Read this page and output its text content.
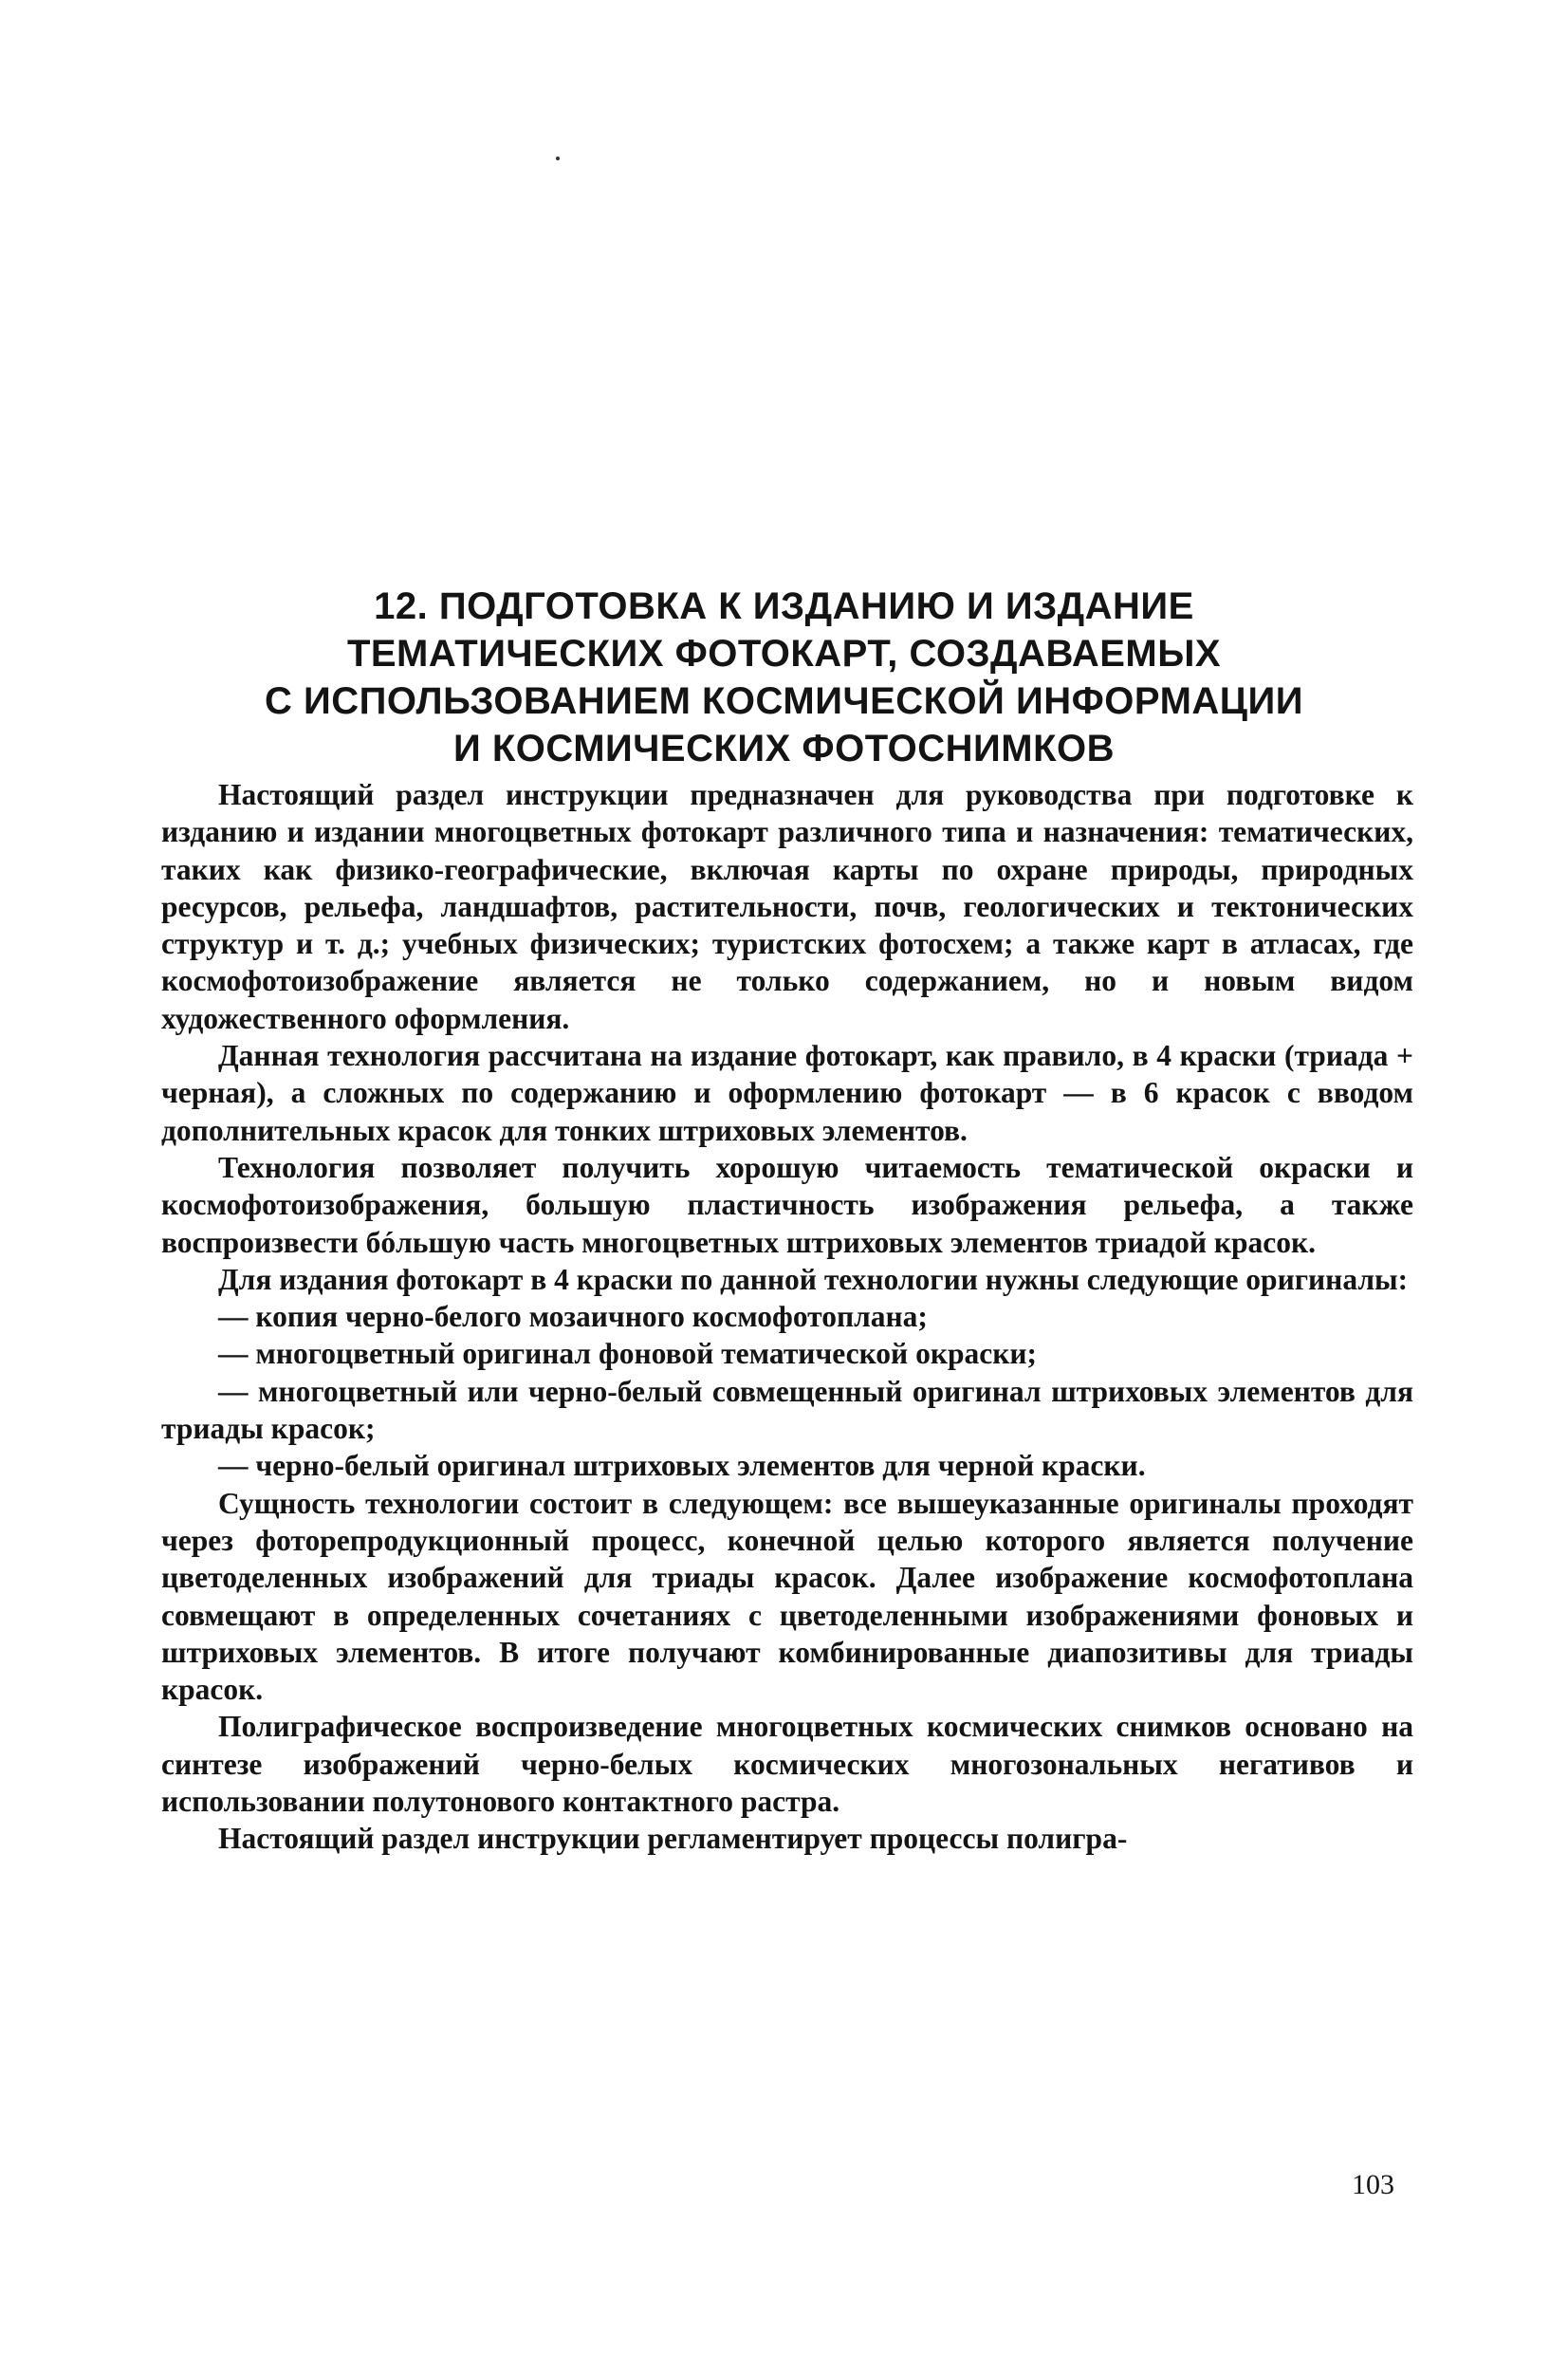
12. ПОДГОТОВКА К ИЗДАНИЮ И ИЗДАНИЕ
ТЕМАТИЧЕСКИХ ФОТОКАРТ, СОЗДАВАЕМЫХ
С ИСПОЛЬЗОВАНИЕМ КОСМИЧЕСКОЙ ИНФОРМАЦИИ
И КОСМИЧЕСКИХ ФОТОСНИМКОВ

Настоящий раздел инструкции предназначен для руководства при подготовке к изданию и издании многоцветных фотокарт различного типа и назначения: тематических, таких как физико-географические, включая карты по охране природы, природных ресурсов, рельефа, ландшафтов, растительности, почв, геологических и тектонических структур и т. д.; учебных физических; туристских фотосхем; а также карт в атласах, где космофотоизображение является не только содержанием, но и новым видом художественного оформления.

Данная технология рассчитана на издание фотокарт, как правило, в 4 краски (триада + черная), а сложных по содержанию и оформлению фотокарт — в 6 красок с вводом дополнительных красок для тонких штриховых элементов.

Технология позволяет получить хорошую читаемость тематической окраски и космофотоизображения, большую пластичность изображения рельефа, а также воспроизвести бóльшую часть многоцветных штриховых элементов триадой красок.

Для издания фотокарт в 4 краски по данной технологии нужны следующие оригиналы:

— копия черно-белого мозаичного космофотоплана;

— многоцветный оригинал фоновой тематической окраски;

— многоцветный или черно-белый совмещенный оригинал штриховых элементов для триады красок;

— черно-белый оригинал штриховых элементов для черной краски.

Сущность технологии состоит в следующем: все вышеуказанные оригиналы проходят через фоторепродукционный процесс, конечной целью которого является получение цветоделенных изображений для триады красок. Далее изображение космофотоплана совмещают в определенных сочетаниях с цветоделенными изображениями фоновых и штриховых элементов. В итоге получают комбинированные диапозитивы для триады красок.

Полиграфическое воспроизведение многоцветных космических снимков основано на синтезе изображений черно-белых космических многозональных негативов и использовании полутонового контактного растра.

Настоящий раздел инструкции регламентирует процессы полигра-

103
